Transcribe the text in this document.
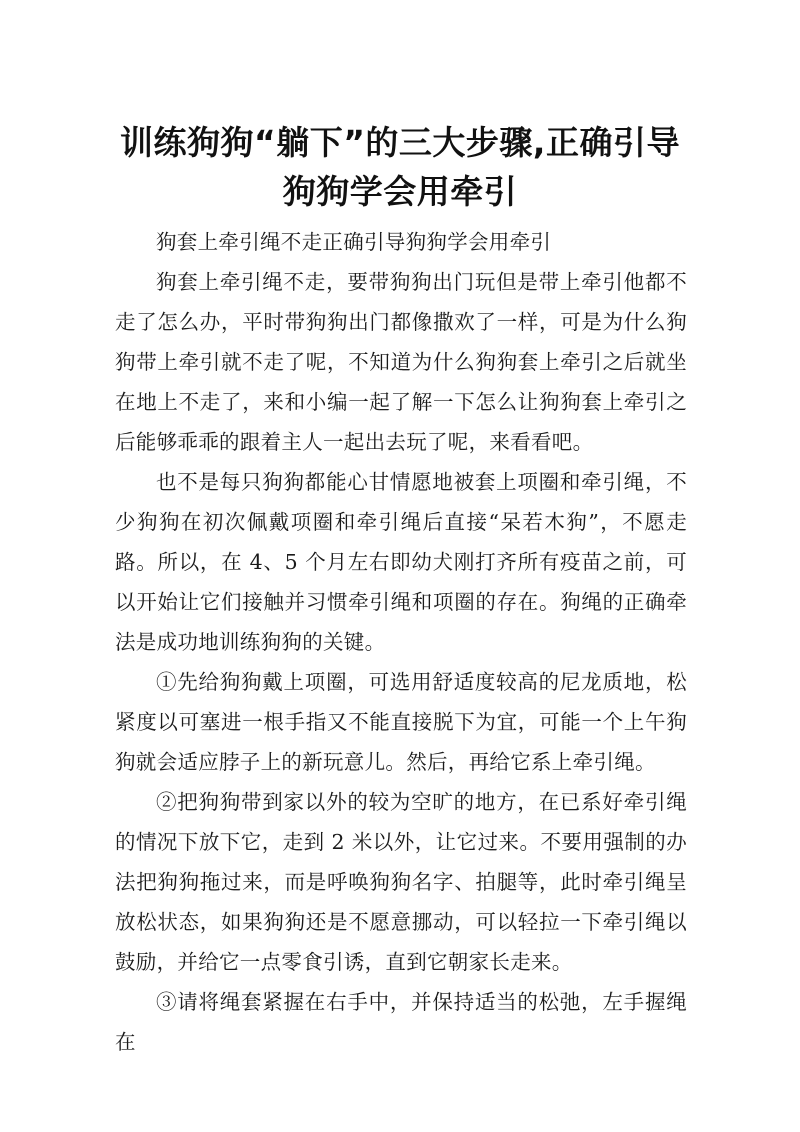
训练狗狗“躺下”的三大步骤,正确引导狗狗学会用牵引

狗套上牵引绳不走正确引导狗狗学会用牵引

狗套上牵引绳不走，要带狗狗出门玩但是带上牵引他都不走了怎么办，平时带狗狗出门都像撒欢了一样，可是为什么狗狗带上牵引就不走了呢，不知道为什么狗狗套上牵引之后就坐在地上不走了，来和小编一起了解一下怎么让狗狗套上牵引之后能够乖乖的跟着主人一起出去玩了呢，来看看吧。

也不是每只狗狗都能心甘情愿地被套上项圈和牵引绳，不少狗狗在初次佩戴项圈和牵引绳后直接“呆若木狗”，不愿走路。所以，在 4、5 个月左右即幼犬刚打齐所有疫苗之前，可以开始让它们接触并习惯牵引绳和项圈的存在。狗绳的正确牵法是成功地训练狗狗的关键。

①先给狗狗戴上项圈，可选用舒适度较高的尼龙质地，松紧度以可塞进一根手指又不能直接脱下为宜，可能一个上午狗狗就会适应脖子上的新玩意儿。然后，再给它系上牵引绳。

②把狗狗带到家以外的较为空旷的地方，在已系好牵引绳的情况下放下它，走到 2 米以外，让它过来。不要用强制的办法把狗狗拖过来，而是呼唤狗狗名字、拍腿等，此时牵引绳呈放松状态，如果狗狗还是不愿意挪动，可以轻拉一下牵引绳以鼓励，并给它一点零食引诱，直到它朝家长走来。

③请将绳套紧握在右手中，并保持适当的松弛，左手握绳在
